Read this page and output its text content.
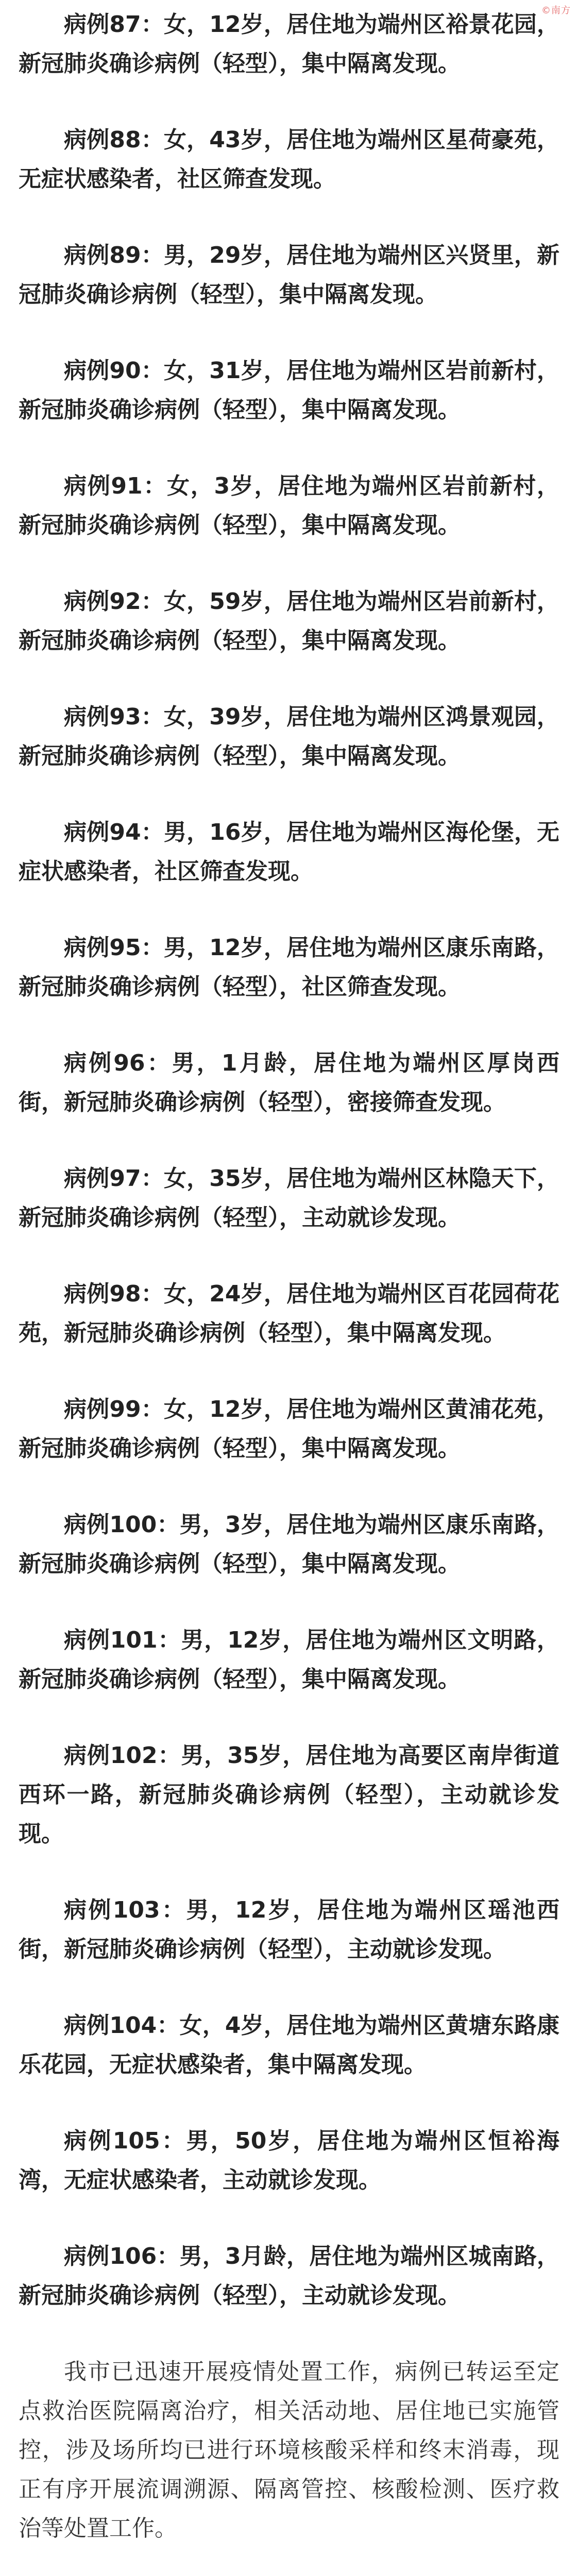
©南方

病例87：女，12岁，居住地为端州区裕景花园，新冠肺炎确诊病例（轻型），集中隔离发现。

病例88：女，43岁，居住地为端州区星荷豪苑，无症状感染者，社区筛查发现。

病例89：男，29岁，居住地为端州区兴贤里，新冠肺炎确诊病例（轻型），集中隔离发现。

病例90：女，31岁，居住地为端州区岩前新村，新冠肺炎确诊病例（轻型），集中隔离发现。

病例91：女，3岁，居住地为端州区岩前新村，新冠肺炎确诊病例（轻型），集中隔离发现。

病例92：女，59岁，居住地为端州区岩前新村，新冠肺炎确诊病例（轻型），集中隔离发现。

病例93：女，39岁，居住地为端州区鸿景观园，新冠肺炎确诊病例（轻型），集中隔离发现。

病例94：男，16岁，居住地为端州区海伦堡，无症状感染者，社区筛查发现。

病例95：男，12岁，居住地为端州区康乐南路，新冠肺炎确诊病例（轻型），社区筛查发现。

病例96：男，1月龄，居住地为端州区厚岗西街，新冠肺炎确诊病例（轻型），密接筛查发现。

病例97：女，35岁，居住地为端州区林隐天下，新冠肺炎确诊病例（轻型），主动就诊发现。

病例98：女，24岁，居住地为端州区百花园荷花苑，新冠肺炎确诊病例（轻型），集中隔离发现。

病例99：女，12岁，居住地为端州区黄浦花苑，新冠肺炎确诊病例（轻型），集中隔离发现。

病例100：男，3岁，居住地为端州区康乐南路，新冠肺炎确诊病例（轻型），集中隔离发现。

病例101：男，12岁，居住地为端州区文明路，新冠肺炎确诊病例（轻型），集中隔离发现。

病例102：男，35岁，居住地为高要区南岸街道西环一路，新冠肺炎确诊病例（轻型），主动就诊发现。

病例103：男，12岁，居住地为端州区瑶池西街，新冠肺炎确诊病例（轻型），主动就诊发现。

病例104：女，4岁，居住地为端州区黄塘东路康乐花园，无症状感染者，集中隔离发现。

病例105：男，50岁，居住地为端州区恒裕海湾，无症状感染者，主动就诊发现。

病例106：男，3月龄，居住地为端州区城南路，新冠肺炎确诊病例（轻型），主动就诊发现。

我市已迅速开展疫情处置工作，病例已转运至定点救治医院隔离治疗，相关活动地、居住地已实施管控，涉及场所均已进行环境核酸采样和终末消毒，现正有序开展流调溯源、隔离管控、核酸检测、医疗救治等处置工作。
